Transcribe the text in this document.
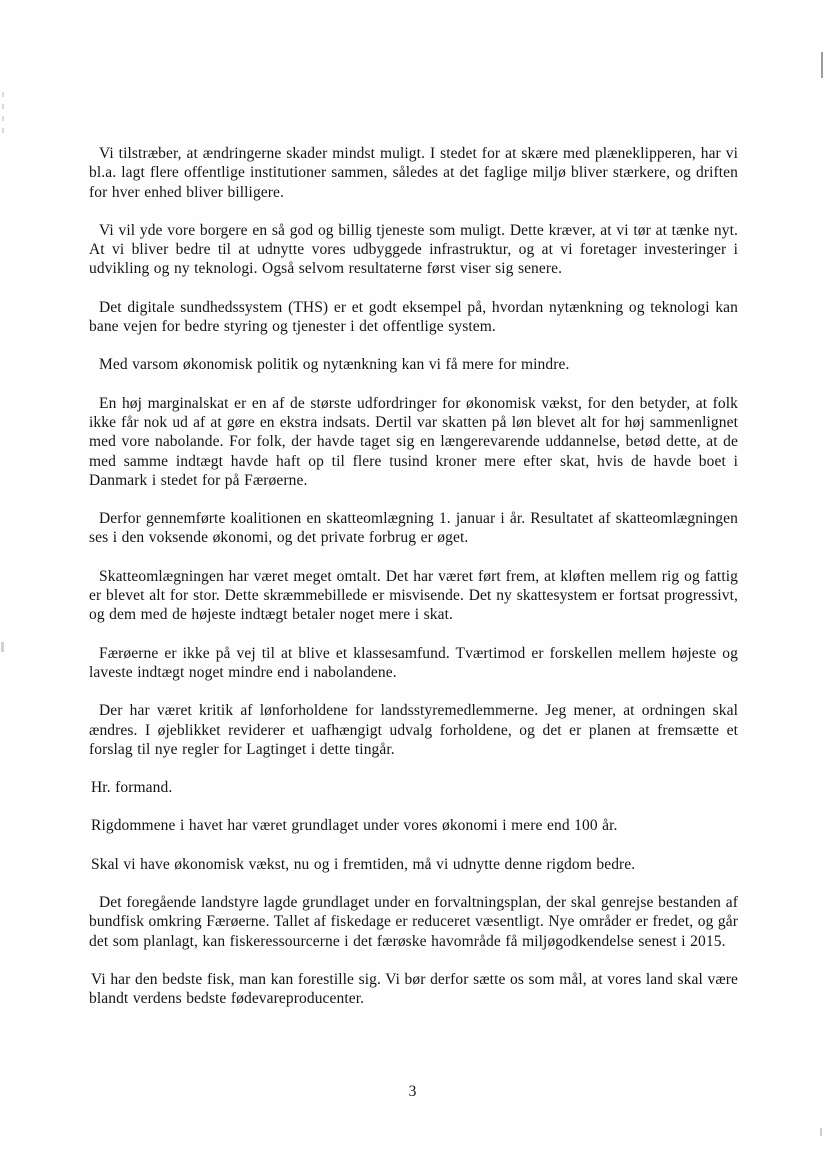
Vi tilstræber, at ændringerne skader mindst muligt. I stedet for at skære med plæneklipperen, har vi bl.a. lagt flere offentlige institutioner sammen, således at det faglige miljø bliver stærkere, og driften for hver enhed bliver billigere.

Vi vil yde vore borgere en så god og billig tjeneste som muligt. Dette kræver, at vi tør at tænke nyt. At vi bliver bedre til at udnytte vores udbyggede infrastruktur, og at vi foretager investeringer i udvikling og ny teknologi. Også selvom resultaterne først viser sig senere.

Det digitale sundhedssystem (THS) er et godt eksempel på, hvordan nytænkning og teknologi kan bane vejen for bedre styring og tjenester i det offentlige system.

Med varsom økonomisk politik og nytænkning kan vi få mere for mindre.

En høj marginalskat er en af de største udfordringer for økonomisk vækst, for den betyder, at folk ikke får nok ud af at gøre en ekstra indsats. Dertil var skatten på løn blevet alt for høj sammenlignet med vore nabolande. For folk, der havde taget sig en længerevarende uddannelse, betød dette, at de med samme indtægt havde haft op til flere tusind kroner mere efter skat, hvis de havde boet i Danmark i stedet for på Færøerne.

Derfor gennemførte koalitionen en skatteomlægning 1. januar i år. Resultatet af skatteomlægningen ses i den voksende økonomi, og det private forbrug er øget.

Skatteomlægningen har været meget omtalt. Det har været ført frem, at kløften mellem rig og fattig er blevet alt for stor. Dette skræmmebillede er misvisende. Det ny skattesystem er fortsat progressivt, og dem med de højeste indtægt betaler noget mere i skat.

Færøerne er ikke på vej til at blive et klassesamfund. Tværtimod er forskellen mellem højeste og laveste indtægt noget mindre end i nabolandene.

Der har været kritik af lønforholdene for landsstyremedlemmerne. Jeg mener, at ordningen skal ændres. I øjeblikket reviderer et uafhængigt udvalg forholdene, og det er planen at fremsætte et forslag til nye regler for Lagtinget i dette tingår.

Hr. formand.

Rigdommene i havet har været grundlaget under vores økonomi i mere end 100 år.

Skal vi have økonomisk vækst, nu og i fremtiden, må vi udnytte denne rigdom bedre.

Det foregående landstyre lagde grundlaget under en forvaltningsplan, der skal genrejse bestanden af bundfisk omkring Færøerne. Tallet af fiskedage er reduceret væsentligt. Nye områder er fredet, og går det som planlagt, kan fiskeressourcerne i det færøske havområde få miljøgodkendelse senest i 2015.

Vi har den bedste fisk, man kan forestille sig. Vi bør derfor sætte os som mål, at vores land skal være blandt verdens bedste fødevareproducenter.

3
